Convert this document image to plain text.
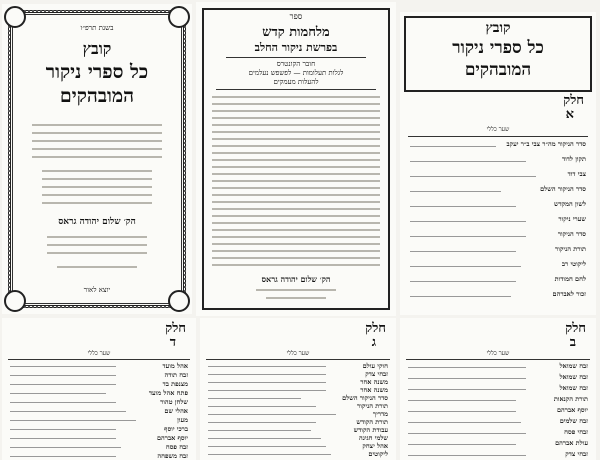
בשנת תרפ״ו
קובץ
כל ספרי ניקור
המובהקים
הק׳ שלום יהודה גראס
יוצא לאור
ספר
מלחמות קדש
בפרשת ניקור החלב
חובר הקונטרס
לגלות תעלומות — לפשפש נעלמים
להעלות מעמקים
הק׳ שלום יהודה גראס
קובץ
כל ספרי ניקור
המובהקים
חלק
א
שער כללי
סדר הניקור מה״ר צבי ב״ר יעקב
תקון לדוד
צבי דוד
סדר הניקור השלם
לשון המקדש
שערי ניקור
סדר הניקור
תורת הניקור
ליקוטי רב
לחם חמודות
זכור לאברהם
חלק
ד
שער כללי
אהל מועד
זבח תודה
מצנפת בד
פתח אהל מועד
שלחן טהור
אהלי שם
מעון
ברכי יוסף
יוסף אברהם
זבח פסח
זבח משפחה
חלק
ג
שער כללי
חוקי עולם
זבחי צדק
משנה אחר
משנה אחר
סדר הניקור השלם
תורת הניקור
מדריך
תורת הקודש
עבודת הקודש
שלמי חגיגה
אהל יצחק
ליקוטים
חלק
ב
שער כללי
זבח שמואל
זבח שמואל
זבח שמואל
תורת הקנאות
יוסף אברהם
זבח שלמים
זבחי פסח
עולת אברהם
זבחי צדק
